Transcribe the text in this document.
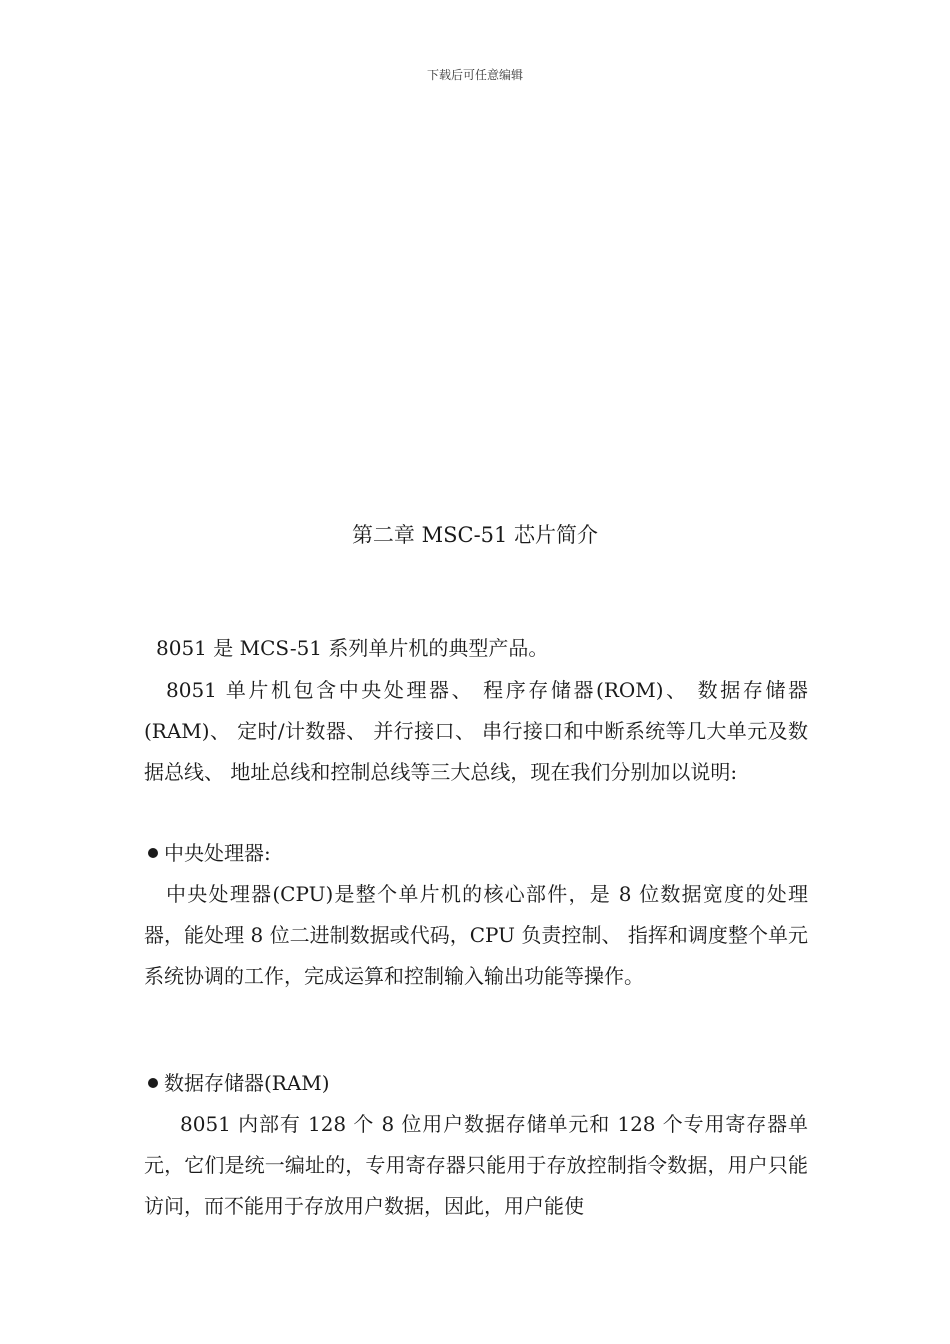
下载后可任意编辑
第二章 MSC-51 芯片简介
8051 是 MCS-51 系列单片机的典型产品。
8051 单片机包含中央处理器、 程序存储器(ROM)、 数据存储器(RAM)、 定时/计数器、 并行接口、 串行接口和中断系统等几大单元及数据总线、 地址总线和控制总线等三大总线，现在我们分别加以说明:
中央处理器:
中央处理器(CPU)是整个单片机的核心部件，是 8 位数据宽度的处理器，能处理 8 位二进制数据或代码，CPU 负责控制、 指挥和调度整个单元系统协调的工作，完成运算和控制输入输出功能等操作。
数据存储器(RAM)
8051 内部有 128 个 8 位用户数据存储单元和 128 个专用寄存器单元，它们是统一编址的，专用寄存器只能用于存放控制指令数据，用户只能访问，而不能用于存放用户数据，因此，用户能使
